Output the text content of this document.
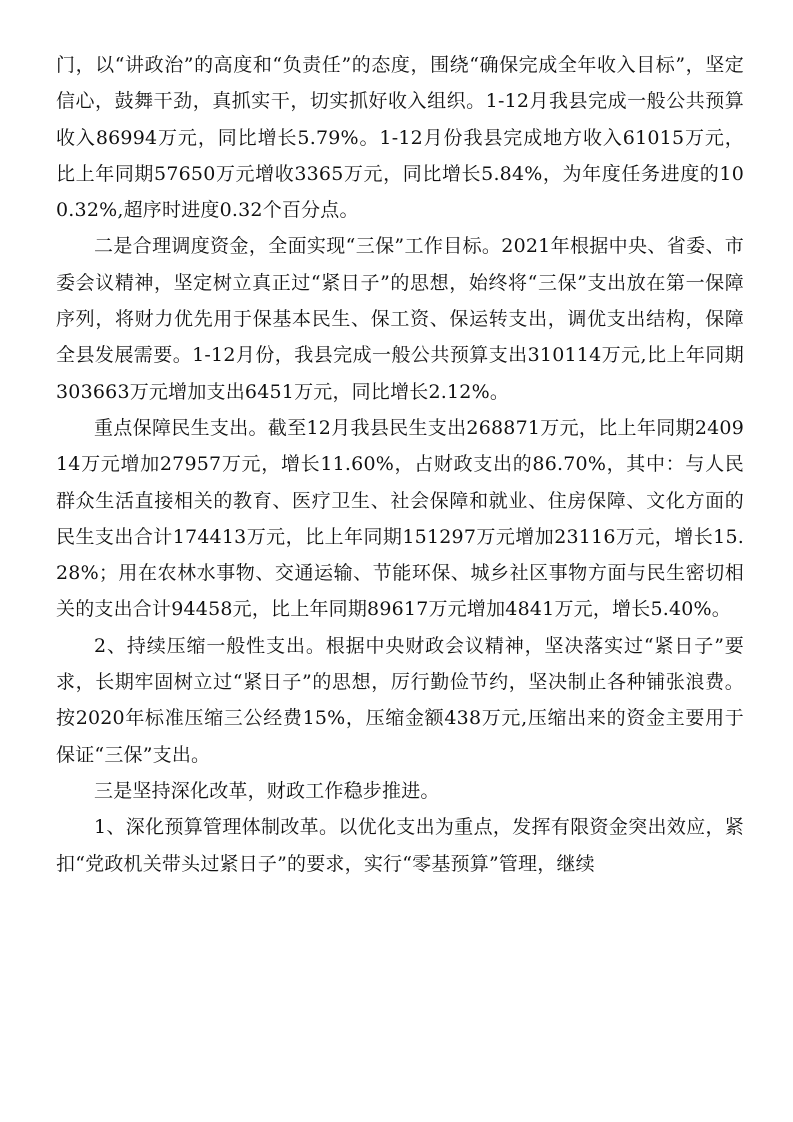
门，以“讲政治”的高度和“负责任”的态度，围绕“确保完成全年收入目标”，坚定信心，鼓舞干劲，真抓实干，切实抓好收入组织。1-12月我县完成一般公共预算收入86994万元，同比增长5.79%。1-12月份我县完成地方收入61015万元，比上年同期57650万元增收3365万元，同比增长5.84%，为年度任务进度的100.32%,超序时进度0.32个百分点。

二是合理调度资金，全面实现“三保”工作目标。2021年根据中央、省委、市委会议精神，坚定树立真正过“紧日子”的思想，始终将“三保”支出放在第一保障序列，将财力优先用于保基本民生、保工资、保运转支出，调优支出结构，保障全县发展需要。1-12月份，我县完成一般公共预算支出310114万元,比上年同期303663万元增加支出6451万元，同比增长2.12%。

重点保障民生支出。截至12月我县民生支出268871万元，比上年同期240914万元增加27957万元，增长11.60%，占财政支出的86.70%，其中：与人民群众生活直接相关的教育、医疗卫生、社会保障和就业、住房保障、文化方面的民生支出合计174413万元，比上年同期151297万元增加23116万元，增长15.28%；用在农林水事物、交通运输、节能环保、城乡社区事物方面与民生密切相关的支出合计94458元，比上年同期89617万元增加4841万元，增长5.40%。

2、持续压缩一般性支出。根据中央财政会议精神，坚决落实过“紧日子”要求，长期牢固树立过“紧日子”的思想，厉行勤俭节约，坚决制止各种铺张浪费。按2020年标准压缩三公经费15%，压缩金额438万元,压缩出来的资金主要用于保证“三保”支出。

三是坚持深化改革，财政工作稳步推进。

1、深化预算管理体制改革。以优化支出为重点，发挥有限资金突出效应，紧扣“党政机关带头过紧日子”的要求，实行“零基预算”管理，继续
